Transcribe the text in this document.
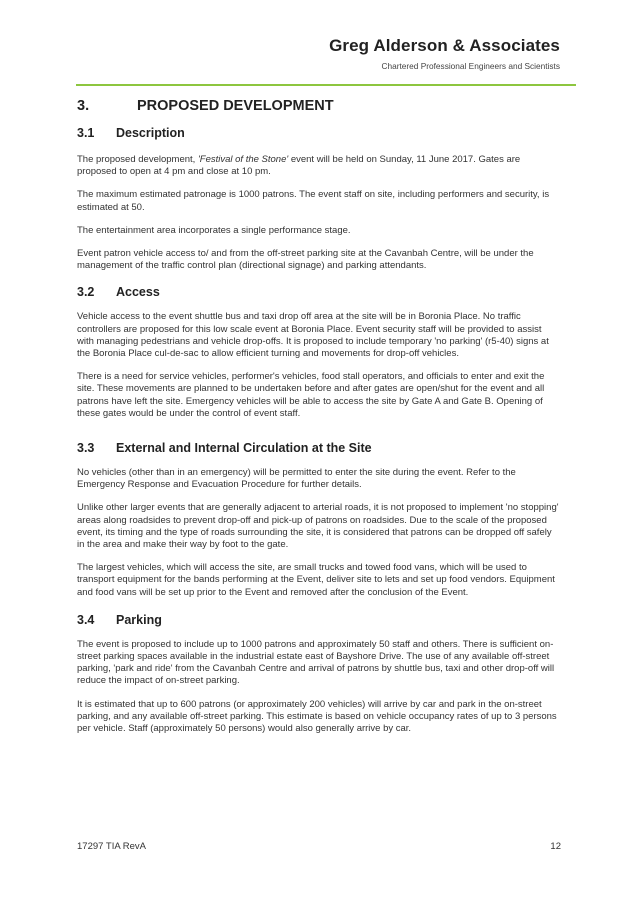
Greg Alderson & Associates
Chartered Professional Engineers and Scientists
3.	PROPOSED DEVELOPMENT
3.1 Description

The proposed development, 'Festival of the Stone' event will be held on Sunday, 11 June 2017. Gates are proposed to open at 4 pm and close at 10 pm.

The maximum estimated patronage is 1000 patrons. The event staff on site, including performers and security, is estimated at 50.

The entertainment area incorporates a single performance stage.

Event patron vehicle access to/ and from the off-street parking site at the Cavanbah Centre, will be under the management of the traffic control plan (directional signage) and parking attendants.

3.2 Access

Vehicle access to the event shuttle bus and taxi drop off area at the site will be in Boronia Place. No traffic controllers are proposed for this low scale event at Boronia Place. Event security staff will be provided to assist with managing pedestrians and vehicle drop-offs. It is proposed to include temporary 'no parking' (r5-40) signs at the Boronia Place cul-de-sac to allow efficient turning and movements for drop-off vehicles.

There is a need for service vehicles, performer's vehicles, food stall operators, and officials to enter and exit the site. These movements are planned to be undertaken before and after gates are open/shut for the event and all patrons have left the site. Emergency vehicles will be able to access the site by Gate A and Gate B. Opening of these gates would be under the control of event staff.

3.3 External and Internal Circulation at the Site

No vehicles (other than in an emergency) will be permitted to enter the site during the event. Refer to the Emergency Response and Evacuation Procedure for further details.

Unlike other larger events that are generally adjacent to arterial roads, it is not proposed to implement 'no stopping' areas along roadsides to prevent drop-off and pick-up of patrons on roadsides. Due to the scale of the proposed event, its timing and the type of roads surrounding the site, it is considered that patrons can be dropped off safely in the area and make their way by foot to the gate.

The largest vehicles, which will access the site, are small trucks and towed food vans, which will be used to transport equipment for the bands performing at the Event, deliver site to lets and set up food vendors. Equipment and food vans will be set up prior to the Event and removed after the conclusion of the Event.

3.4 Parking

The event is proposed to include up to 1000 patrons and approximately 50 staff and others. There is sufficient on-street parking spaces available in the industrial estate east of Bayshore Drive. The use of any available off-street parking, 'park and ride' from the Cavanbah Centre and arrival of patrons by shuttle bus, taxi and other drop-off will reduce the impact of on-street parking.

It is estimated that up to 600 patrons (or approximately 200 vehicles) will arrive by car and park in the on-street parking, and any available off-street parking. This estimate is based on vehicle occupancy rates of up to 3 persons per vehicle. Staff (approximately 50 persons) would also generally arrive by car.

17297 TIA RevA	12
